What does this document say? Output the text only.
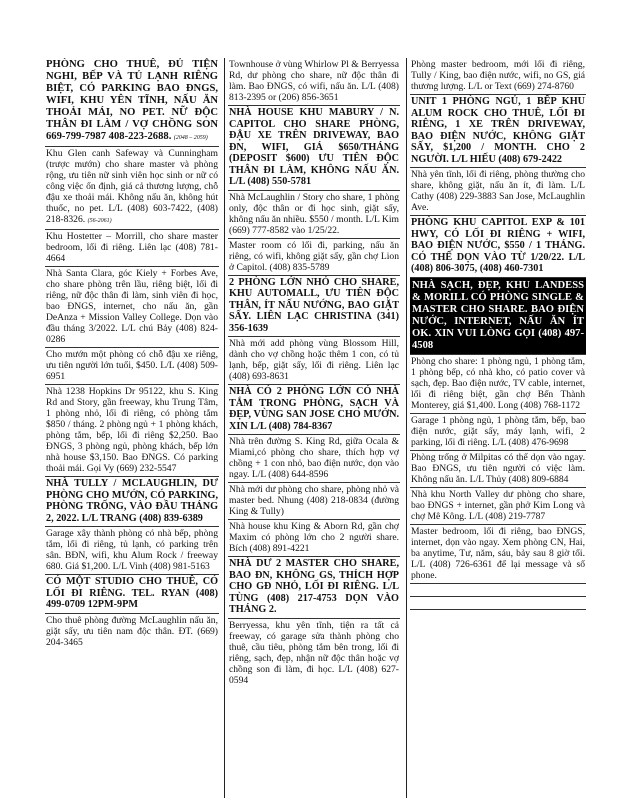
PHÒNG CHO THUÊ, ĐỦ TIỆN NGHI, BẾP VÀ TỦ LẠNH RIÊNG BIỆT, CÓ PARKING BAO ĐNGS, WIFI, KHU YÊN TĨNH, NẤU ĂN THOẢI MÁI, NO PET. NỮ ĐỘC THÂN ĐI LÀM / VỢ CHỒNG SON 669-799-7987 408-223-2688. (2048 – 2059)
Khu Glen canh Safeway và Cunningham (trược mướn) cho share master và phòng rộng, ưu tiên nữ sinh viên học sinh or nữ có công việc ổn định, giá cả thương lượng, chỗ đậu xe thoải mái. Không nấu ăn, không hút thuốc, no pet. L/L (408) 603-7422, (408) 218-8326. (56-2061)
Khu Hostetter – Morrill, cho share master bedroom, lối đi riêng. Liên lạc (408) 781-4664
Nhà Santa Clara, góc Kiely + Forbes Ave, cho share phòng trên lầu, riêng biệt, lối đi riêng, nữ độc thân đi làm, sinh viên đi học, bao ĐNGS, internet, cho nấu ăn, gần DeAnza + Mission Valley College. Dọn vào đầu tháng 3/2022. L/L chú Bảy (408) 824-0286
Cho mướn một phòng có chỗ đậu xe riêng, ưu tiên người lớn tuổi, $450. L/L (408) 509-6951
Nhà 1238 Hopkins Dr 95122, khu S. King Rd and Story, gần freeway, khu Trung Tâm, 1 phòng nhỏ, lối đi riêng, có phòng tắm $850 / tháng. 2 phòng ngủ + 1 phòng khách, phòng tắm, bếp, lối đi riêng $2,250. Bao ĐNGS, 3 phòng ngủ, phòng khách, bếp lớn nhà house $3,150. Bao ĐNGS. Có parking thoải mái. Gọi Vy (669) 232-5547
NHÀ TULLY / MCLAUGHLIN, DƯ PHÒNG CHO MƯỚN, CÓ PARKING, PHÒNG TRỐNG, VÀO ĐẦU THÁNG 2, 2022. L/L TRANG (408) 839-6389
Garage xây thành phòng có nhà bếp, phòng tắm, lối đi riêng, tủ lạnh, có parking trên sân. BĐN, wifi, khu Alum Rock / freeway 680. Giá $1,200. L/L Vinh (408) 981-5163
CÓ MỘT STUDIO CHO THUÊ, CÓ LỐI ĐI RIÊNG. TEL. RYAN (408) 499-0709 12PM-9PM
Cho thuê phòng đường McLaughlin nấu ăn, giặt sấy, ưu tiên nam độc thân. ĐT. (669) 204-3465
Townhouse ở vùng Whirlow Pl & Berryessa Rd, dư phòng cho share, nữ độc thân đi làm. Bao ĐNGS, có wifi, nấu ăn. L/L (408) 813-2395 or (206) 856-3651
NHÀ HOUSE KHU MABURY / N. CAPITOL CHO SHARE PHÒNG, ĐẬU XE TRÊN DRIVEWAY, BAO ĐN, WIFI, GIÁ $650/THÁNG (DEPOSIT $600) ƯU TIÊN ĐỘC THÂN ĐI LÀM, KHÔNG NẤU ĂN. L/L (408) 550-5781
Nhà McLaughlin / Story cho share, 1 phòng only, độc thân or đi học sinh, giặt sấy, không nấu ăn nhiều. $550 / month. L/L Kim (669) 777-8582 vào 1/25/22.
Master room có lối đi, parking, nấu ăn riêng, có wifi, không giặt sấy, gần chợ Lion ở Capitol. (408) 835-5789
2 PHÒNG LỚN NHỎ CHO SHARE, KHU AUTOMALL, ƯU TIÊN ĐỘC THÂN, ÍT NẤU NƯỚNG, BAO GIẶT SẤY. LIÊN LẠC CHRISTINA (341) 356-1639
Nhà mới add phòng vùng Blossom Hill, dành cho vợ chồng hoặc thêm 1 con, có tủ lạnh, bếp, giặt sấy, lối đi riêng. Liên lạc (408) 693-8631
NHÀ CÓ 2 PHÒNG LỚN CÓ NHÀ TẮM TRONG PHÒNG, SẠCH VÀ ĐẸP, VÙNG SAN JOSE CHO MƯỚN. XIN L/L (408) 784-8367
Nhà trên đường S. King Rd, giữa Ocala & Miami,có phòng cho share, thích hợp vợ chồng + 1 con nhỏ, bao điện nước, dọn vào ngay. L/L (408) 644-8596
Nhà mới dư phòng cho share, phòng nhỏ và master bed. Nhung (408) 218-0834 (đường King & Tully)
Nhà house khu King & Aborn Rd, gần chợ Maxim có phòng lớn cho 2 người share. Bích (408) 891-4221
NHÀ DƯ 2 MASTER CHO SHARE, BAO ĐN, KHÔNG GS, THÍCH HỢP CHO GĐ NHỎ, LỐI ĐI RIÊNG. L/L TÙNG (408) 217-4753 DỌN VÀO THÁNG 2.
Berryessa, khu yên tĩnh, tiện ra tất cả freeway, có garage sửa thành phòng cho thuê, cầu tiêu, phòng tắm bên trong, lối đi riêng, sạch, đẹp, nhận nữ độc thân hoặc vợ chồng son đi làm, đi học. L/L (408) 627-0594
Phòng master bedroom, mới lối đi riêng, Tully / King, bao điện nước, wifi, no GS, giá thương lượng. L/L or Text (669) 274-8760
UNIT 1 PHÒNG NGỦ, 1 BẾP KHU ALUM ROCK CHO THUÊ, LỐI ĐI RIÊNG, 1 XE TRÊN DRIVEWAY, BAO ĐIỆN NƯỚC, KHÔNG GIẶT SẤY, $1,200 / MONTH. CHO 2 NGƯỜI. L/L HIẾU (408) 679-2422
Nhà yên tĩnh, lối đi riêng, phòng thường cho share, không giặt, nấu ăn ít, đi làm. L/L Cathy (408) 229-3883 San Jose, McLaughlin Ave.
PHÒNG KHU CAPITOL EXP & 101 HWY, CÓ LỐI ĐI RIÊNG + WIFI, BAO ĐIỆN NƯỚC, $550 / 1 THÁNG. CÓ THỂ DỌN VÀO TỪ 1/20/22. L/L (408) 806-3075, (408) 460-7301
NHÀ SẠCH, ĐẸP, KHU LANDESS & MORILL CÓ PHÒNG SINGLE & MASTER CHO SHARE. BAO ĐIỆN NƯỚC, INTERNET, NẤU ĂN ÍT OK. XIN VUI LÒNG GỌI (408) 497-4508
Phòng cho share: 1 phòng ngủ, 1 phòng tắm, 1 phòng bếp, có nhà kho, có patio cover và sạch, đẹp. Bao điện nước, TV cable, internet, lối đi riêng biệt, gần chợ Bến Thành Monterey, giá $1,400. Long (408) 768-1172
Garage 1 phòng ngủ, 1 phòng tắm, bếp, bao điện nước, giặt sấy, máy lạnh, wifi, 2 parking, lối đi riêng. L/L (408) 476-9698
Phòng trống ở Milpitas có thể dọn vào ngay. Bao ĐNGS, ưu tiên người có việc làm. Không nấu ăn. L/L Thủy (408) 809-6884
Nhà khu North Valley dư phòng cho share, bao ĐNGS + internet, gần phở Kim Long và chợ Mê Kông. L/L (408) 219-7787
Master bedroom, lối đi riêng, bao ĐNGS, internet, dọn vào ngay. Xem phòng CN, Hai, ba anytime, Tư, năm, sáu, bảy sau 8 giờ tối. L/L (408) 726-6361 để lại message và số phone.
